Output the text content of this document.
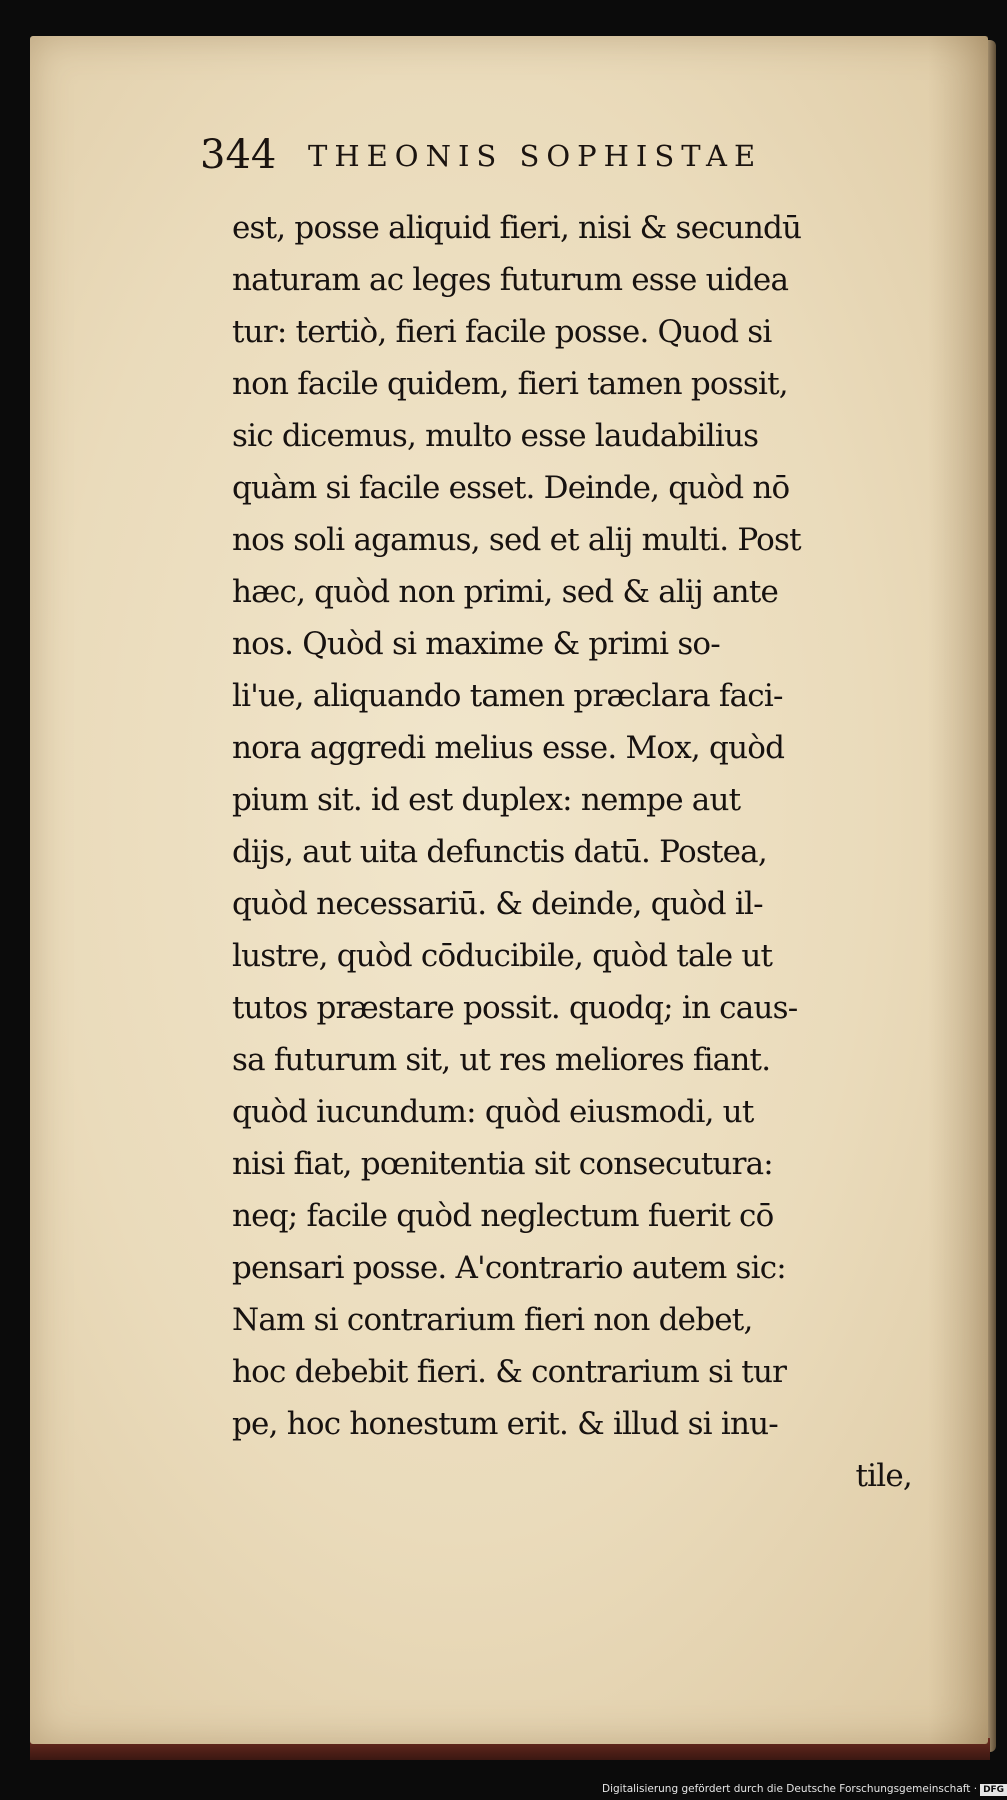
344 THEONIS SOPHISTAE
est, posse aliquid fieri, nisi & secundū
naturam ac leges futurum esse uidea
tur: tertiò, fieri facile posse. Quod si
non facile quidem, fieri tamen possit,
sic dicemus, multo esse laudabilius
quàm si facile esset. Deinde, quòd nō
nos soli agamus, sed et alij multi. Post
hæc, quòd non primi, sed & alij ante
nos. Quòd si maxime & primi so-
li'ue, aliquando tamen præclara faci-
nora aggredi melius esse. Mox, quòd
pium sit. id est duplex: nempe aut
dijs, aut uita defunctis datū. Postea,
quòd necessariū. & deinde, quòd il-
lustre, quòd cōducibile, quòd tale ut
tutos præstare possit. quodq; in caus-
sa futurum sit, ut res meliores fiant.
quòd iucundum: quòd eiusmodi, ut
nisi fiat, pœnitentia sit consecutura:
neq; facile quòd neglectum fuerit cō
pensari posse. A'contrario autem sic:
Nam si contrarium fieri non debet,
hoc debebit fieri. & contrarium si tur
pe, hoc honestum erit. & illud si inu-
tile,
Digitalisierung gefördert durch die Deutsche Forschungsgemeinschaft · DFG
